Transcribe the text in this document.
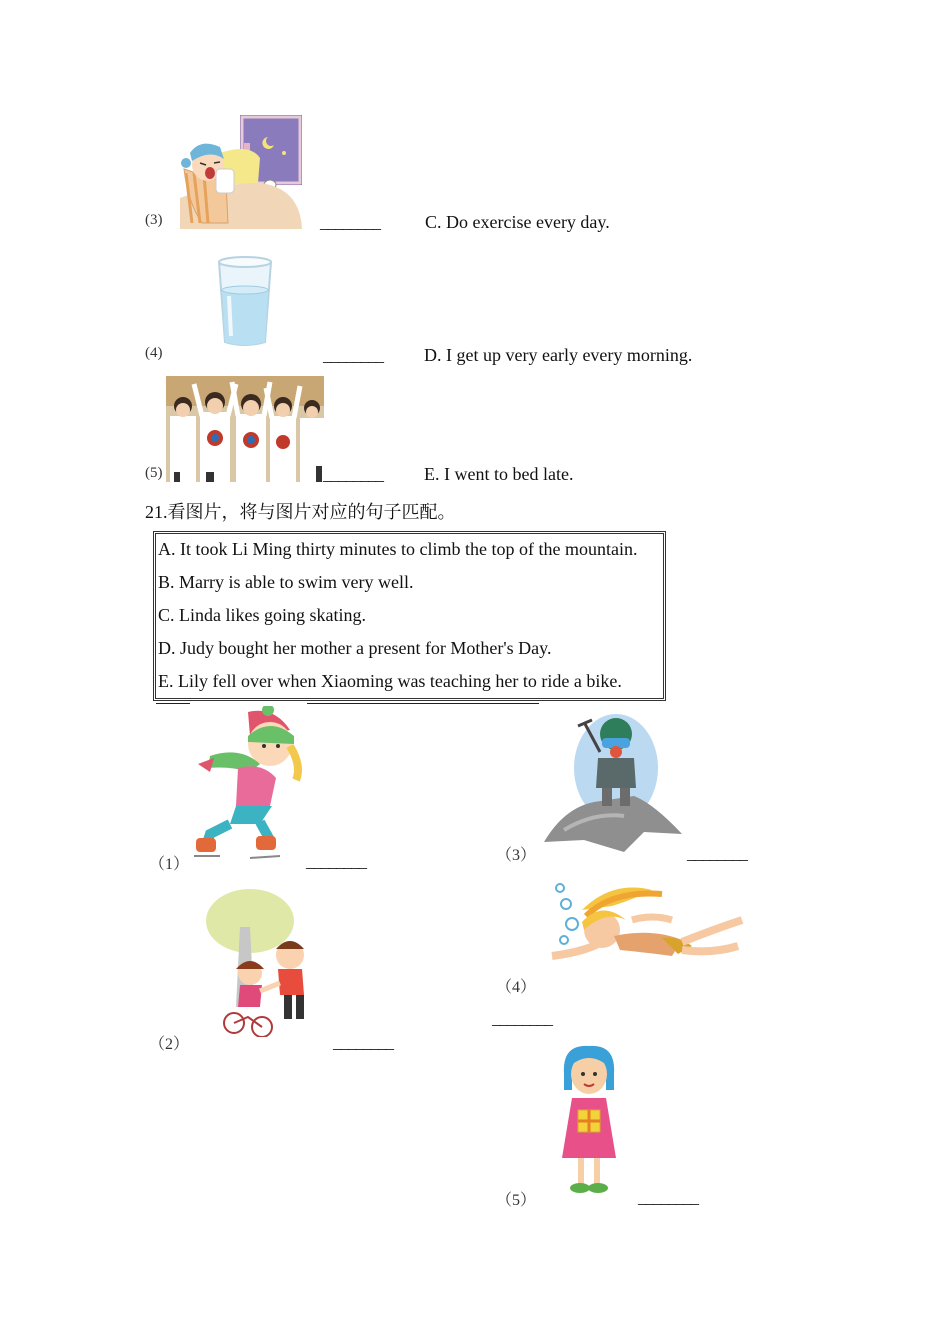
(3)	________	C. Do exercise every day.
(4)	________ D. I get up very early every morning.
(5)	________ E. I went to bed late.
21.看图片，将与图片对应的句子匹配。
A. It took Li Ming thirty minutes to climb the top of the mountain.
B. Marry is able to swim very well.
C. Linda likes going skating.
D. Judy bought her mother a present for Mother's Day.
E. Lily fell over when Xiaoming was teaching her to ride a bike.
（1）	________
（2）	________
（3）	________
（4）
________
（5）	________
